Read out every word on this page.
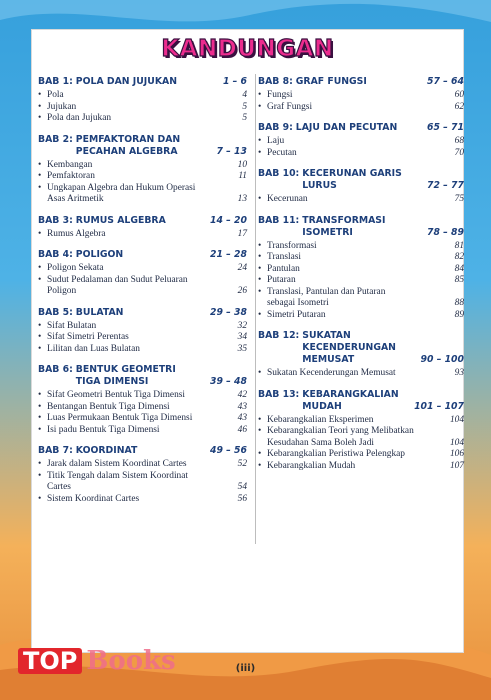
KANDUNGAN
BAB 1: POLA DAN JUJUKAN	1 – 6
• Pola	4
• Jujukan	5
• Pola dan Jujukan	5
BAB 2: PEMFAKTORAN DAN
PECAHAN ALGEBRA	7 – 13
• Kembangan	10
• Pemfaktoran	11
• Ungkapan Algebra dan Hukum Operasi
Asas Aritmetik	13
BAB 3: RUMUS ALGEBRA	14 – 20
• Rumus Algebra	17
BAB 4: POLIGON	21 – 28
• Poligon Sekata	24
• Sudut Pedalaman dan Sudut Peluaran
Poligon	26
BAB 5: BULATAN	29 – 38
• Sifat Bulatan	32
• Sifat Simetri Perentas	34
• Lilitan dan Luas Bulatan	35
BAB 6: BENTUK GEOMETRI
TIGA DIMENSI	39 – 48
• Sifat Geometri Bentuk Tiga Dimensi	42
• Bentangan Bentuk Tiga Dimensi	43
• Luas Permukaan Bentuk Tiga Dimensi	43
• Isi padu Bentuk Tiga Dimensi	46
BAB 7: KOORDINAT	49 – 56
• Jarak dalam Sistem Koordinat Cartes	52
• Titik Tengah dalam Sistem Koordinat
Cartes	54
• Sistem Koordinat Cartes	56
BAB 8: GRAF FUNGSI	57 – 64
• Fungsi	60
• Graf Fungsi	62
BAB 9: LAJU DAN PECUTAN	65 – 71
• Laju	68
• Pecutan	70
BAB 10: KECERUNAN GARIS
LURUS	72 – 77
• Kecerunan	75
BAB 11: TRANSFORMASI
ISOMETRI	78 – 89
• Transformasi	81
• Translasi	82
• Pantulan	84
• Putaran	85
• Translasi, Pantulan dan Putaran
sebagai Isometri	88
• Simetri Putaran	89
BAB 12: SUKATAN KECENDERUNGAN
MEMUSAT	90 – 100
• Sukatan Kecenderungan Memusat	93
BAB 13: KEBARANGKALIAN
MUDAH	101 – 107
• Kebarangkalian Eksperimen	104
• Kebarangkalian Teori yang Melibatkan
Kesudahan Sama Boleh Jadi	104
• Kebarangkalian Peristiwa Pelengkap	106
• Kebarangkalian Mudah	107
TOP Books	(iii)
